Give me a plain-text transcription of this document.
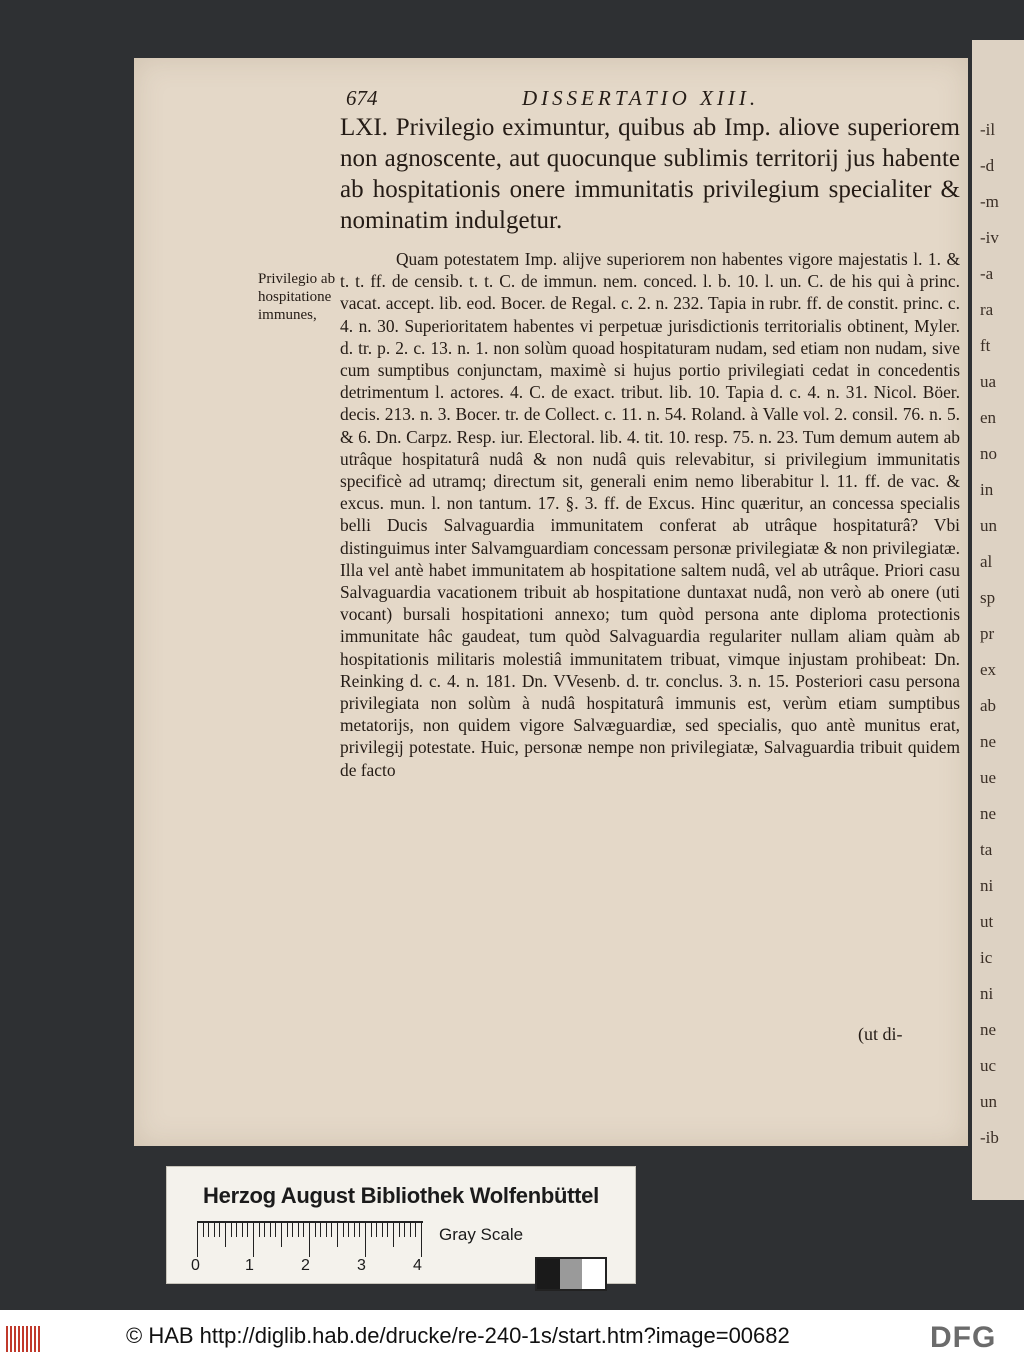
-il
-d
-m
-iv
-a
ra
ft
ua
en
no
in
un
al
sp
pr
ex
ab
ne
ue
ne
ta
ni
ut
ic
ni
ne
uc
un
-ib
674	DISSERTATIO XIII.
Privilegio ab hospitatione immunes,

LXI. Privilegio eximuntur, quibus ab Imp. aliove superiorem non agnoscente, aut quocunque sublimis territorij jus habente ab hospitationis onere immunitatis privilegium specialiter & nominatim indulgetur.

Quam potestatem Imp. alijve superiorem non habentes vigore majestatis l. 1. & t. t. ff. de censib. t. t. C. de immun. nem. conced. l. b. 10. l. un. C. de his qui à princ. vacat. accept. lib. eod. Bocer. de Regal. c. 2. n. 232. Tapia in rubr. ff. de constit. princ. c. 4. n. 30. Superioritatem habentes vi perpetuæ jurisdictionis territorialis obtinent, Myler. d. tr. p. 2. c. 13. n. 1. non solùm quoad hospitaturam nudam, sed etiam non nudam, sive cum sumptibus conjunctam, maximè si hujus portio privilegiati cedat in concedentis detrimentum l. actores. 4. C. de exact. tribut. lib. 10. Tapia d. c. 4. n. 31. Nicol. Böer. decis. 213. n. 3. Bocer. tr. de Collect. c. 11. n. 54. Roland. à Valle vol. 2. consil. 76. n. 5. & 6. Dn. Carpz. Resp. iur. Electoral. lib. 4. tit. 10. resp. 75. n. 23. Tum demum autem ab utrâque hospitaturâ nudâ & non nudâ quis relevabitur, si privilegium immunitatis specificè ad utramq; directum sit, generali enim nemo liberabitur l. 11. ff. de vac. & excus. mun. l. non tantum. 17. §. 3. ff. de Excus. Hinc quæritur, an concessa specialis belli Ducis Salvaguardia immunitatem conferat ab utrâque hospitaturâ? Vbi distinguimus inter Salvamguardiam concessam personæ privilegiatæ & non privilegiatæ. Illa vel antè habet immunitatem ab hospitatione saltem nudâ, vel ab utrâque. Priori casu Salvaguardia vacationem tribuit ab hospitatione duntaxat nudâ, non verò ab onere (uti vocant) bursali hospitationi annexo; tum quòd persona ante diploma protectionis immunitate hâc gaudeat, tum quòd Salvaguardia regulariter nullam aliam quàm ab hospitationis militaris molestiâ immunitatem tribuat, vimque injustam prohibeat: Dn. Reinking d. c. 4. n. 181. Dn. VVesenb. d. tr. conclus. 3. n. 15. Posteriori casu persona privilegiata non solùm à nudâ hospitaturâ immunis est, verùm etiam sumptibus metatorijs, non quidem vigore Salvæguardiæ, sed specialis, quo antè munitus erat, privilegij potestate. Huic, personæ nempe non privilegiatæ, Salvaguardia tribuit quidem de facto

(ut di-
Herzog August Bibliothek Wolfenbüttel
0	1	2	3	4
Gray Scale
© HAB http://diglib.hab.de/drucke/re-240-1s/start.htm?image=00682	DFG
